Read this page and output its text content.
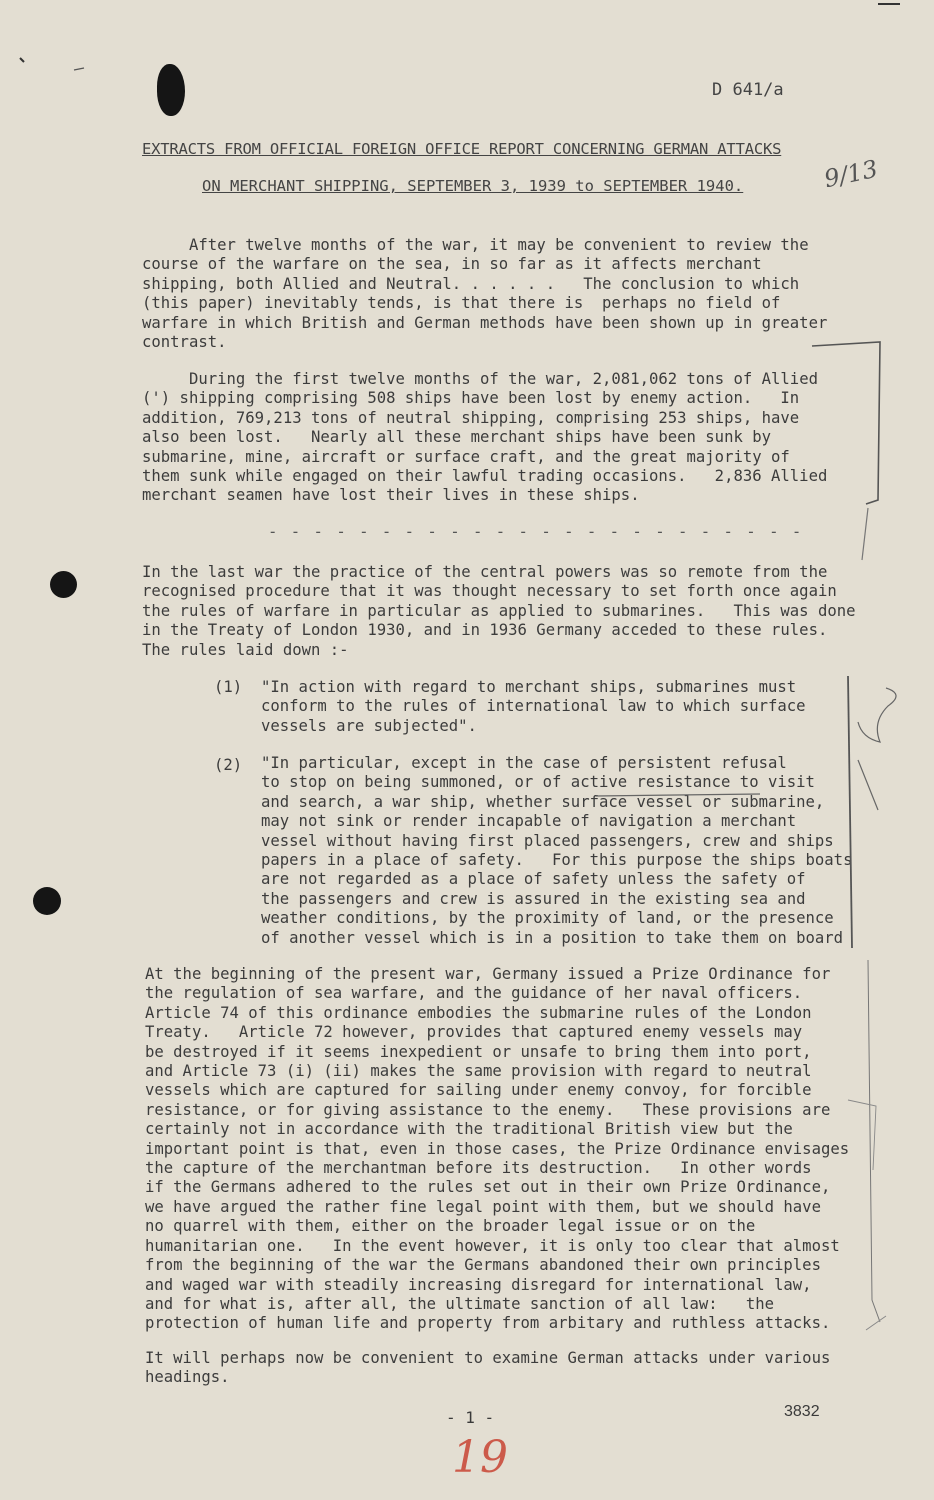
D 641/a
9/13
EXTRACTS FROM OFFICIAL FOREIGN OFFICE REPORT CONCERNING GERMAN ATTACKS
ON MERCHANT SHIPPING, SEPTEMBER 3, 1939 to SEPTEMBER 1940.

After twelve months of the war, it may be convenient to review the
course of the warfare on the sea, in so far as it affects merchant
shipping, both Allied and Neutral. . . . . .   The conclusion to which
(this paper) inevitably tends, is that there is  perhaps no field of
warfare in which British and German methods have been shown up in greater
contrast.

During the first twelve months of the war, 2,081,062 tons of Allied
(') shipping comprising 508 ships have been lost by enemy action.   In
addition, 769,213 tons of neutral shipping, comprising 253 ships, have
also been lost.   Nearly all these merchant ships have been sunk by
submarine, mine, aircraft or surface craft, and the great majority of
them sunk while engaged on their lawful trading occasions.   2,836 Allied
merchant seamen have lost their lives in these ships.

- - - - - - - - - - - - - - - - - - - - - - - -

In the last war the practice of the central powers was so remote from the
recognised procedure that it was thought necessary to set forth once again
the rules of warfare in particular as applied to submarines.   This was done
in the Treaty of London 1930, and in 1936 Germany acceded to these rules.
The rules laid down :-

(1) "In action with regard to merchant ships, submarines must
conform to the rules of international law to which surface
vessels are subjected".

(2) "In particular, except in the case of persistent refusal
to stop on being summoned, or of active resistance to visit
and search, a war ship, whether surface vessel or submarine,
may not sink or render incapable of navigation a merchant
vessel without having first placed passengers, crew and ships
papers in a place of safety.   For this purpose the ships boats
are not regarded as a place of safety unless the safety of
the passengers and crew is assured in the existing sea and
weather conditions, by the proximity of land, or the presence
of another vessel which is in a position to take them on board

At the beginning of the present war, Germany issued a Prize Ordinance for
the regulation of sea warfare, and the guidance of her naval officers.
Article 74 of this ordinance embodies the submarine rules of the London
Treaty.   Article 72 however, provides that captured enemy vessels may
be destroyed if it seems inexpedient or unsafe to bring them into port,
and Article 73 (i) (ii) makes the same provision with regard to neutral
vessels which are captured for sailing under enemy convoy, for forcible
resistance, or for giving assistance to the enemy.   These provisions are
certainly not in accordance with the traditional British view but the
important point is that, even in those cases, the Prize Ordinance envisages
the capture of the merchantman before its destruction.   In other words
if the Germans adhered to the rules set out in their own Prize Ordinance,
we have argued the rather fine legal point with them, but we should have
no quarrel with them, either on the broader legal issue or on the
humanitarian one.   In the event however, it is only too clear that almost
from the beginning of the war the Germans abandoned their own principles
and waged war with steadily increasing disregard for international law,
and for what is, after all, the ultimate sanction of all law:   the
protection of human life and property from arbitary and ruthless attacks.

It will perhaps now be convenient to examine German attacks under various
headings.

- 1 -	3832
19
